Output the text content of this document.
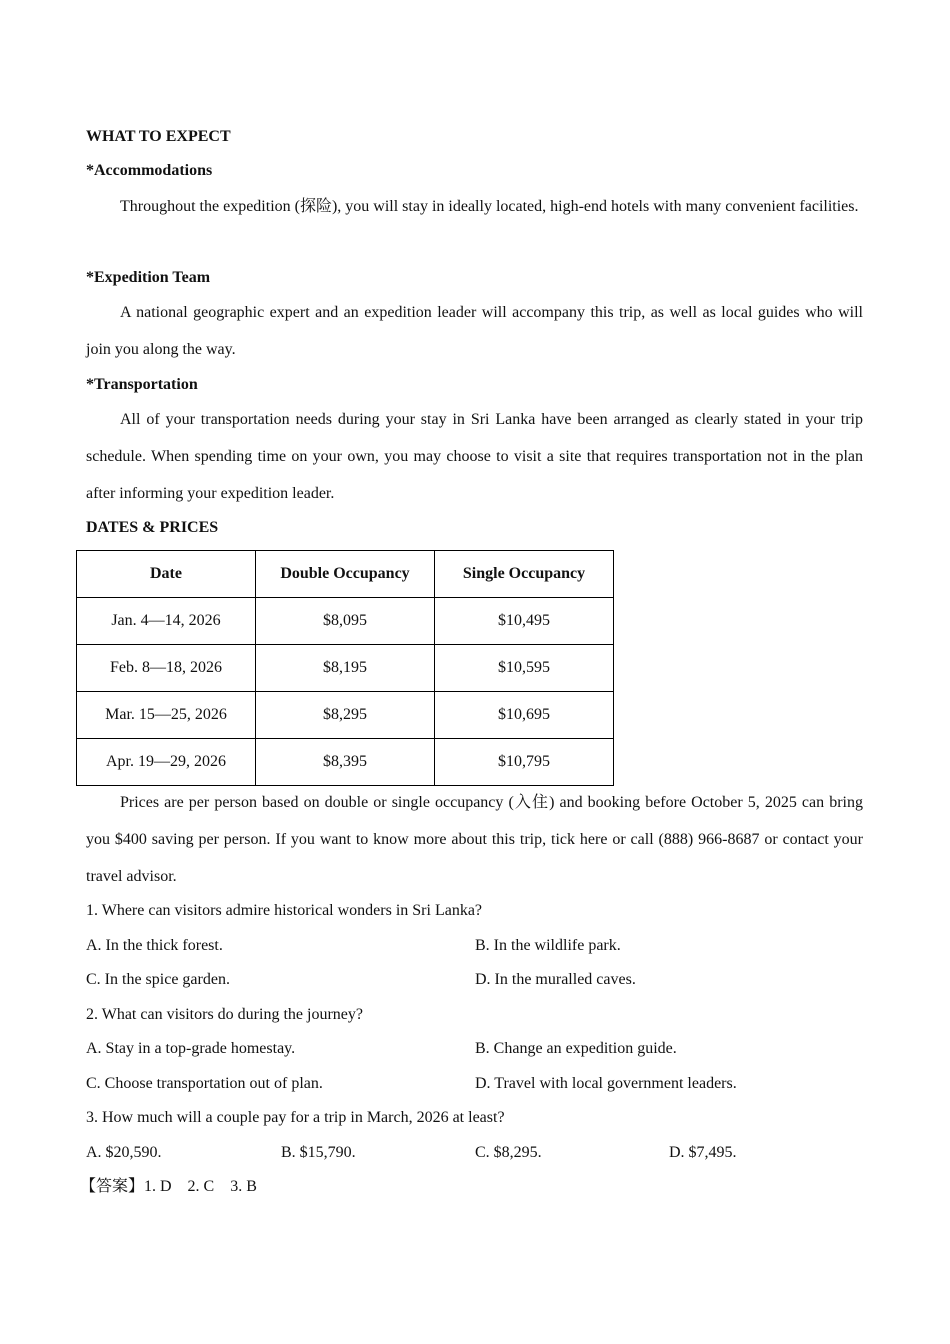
WHAT TO EXPECT
*Accommodations
Throughout the expedition (探险), you will stay in ideally located, high-end hotels with many convenient facilities.
*Expedition Team
A national geographic expert and an expedition leader will accompany this trip, as well as local guides who will join you along the way.
*Transportation
All of your transportation needs during your stay in Sri Lanka have been arranged as clearly stated in your trip schedule. When spending time on your own, you may choose to visit a site that requires transportation not in the plan after informing your expedition leader.
DATES & PRICES
Date	Double Occupancy	Single Occupancy
Jan. 4—14, 2026	$8,095	$10,495
Feb. 8—18, 2026	$8,195	$10,595
Mar. 15—25, 2026	$8,295	$10,695
Apr. 19—29, 2026	$8,395	$10,795
Prices are per person based on double or single occupancy (入住) and booking before October 5, 2025 can bring you $400 saving per person. If you want to know more about this trip, tick here or call (888) 966-8687 or contact your travel advisor.
1. Where can visitors admire historical wonders in Sri Lanka?
A. In the thick forest.	B. In the wildlife park.
C. In the spice garden.	D. In the muralled caves.
2. What can visitors do during the journey?
A. Stay in a top-grade homestay.	B. Change an expedition guide.
C. Choose transportation out of plan.	D. Travel with local government leaders.
3. How much will a couple pay for a trip in March, 2026 at least?
A. $20,590.	B. $15,790.	C. $8,295.	D. $7,495.
【答案】1. D　2. C　3. B
